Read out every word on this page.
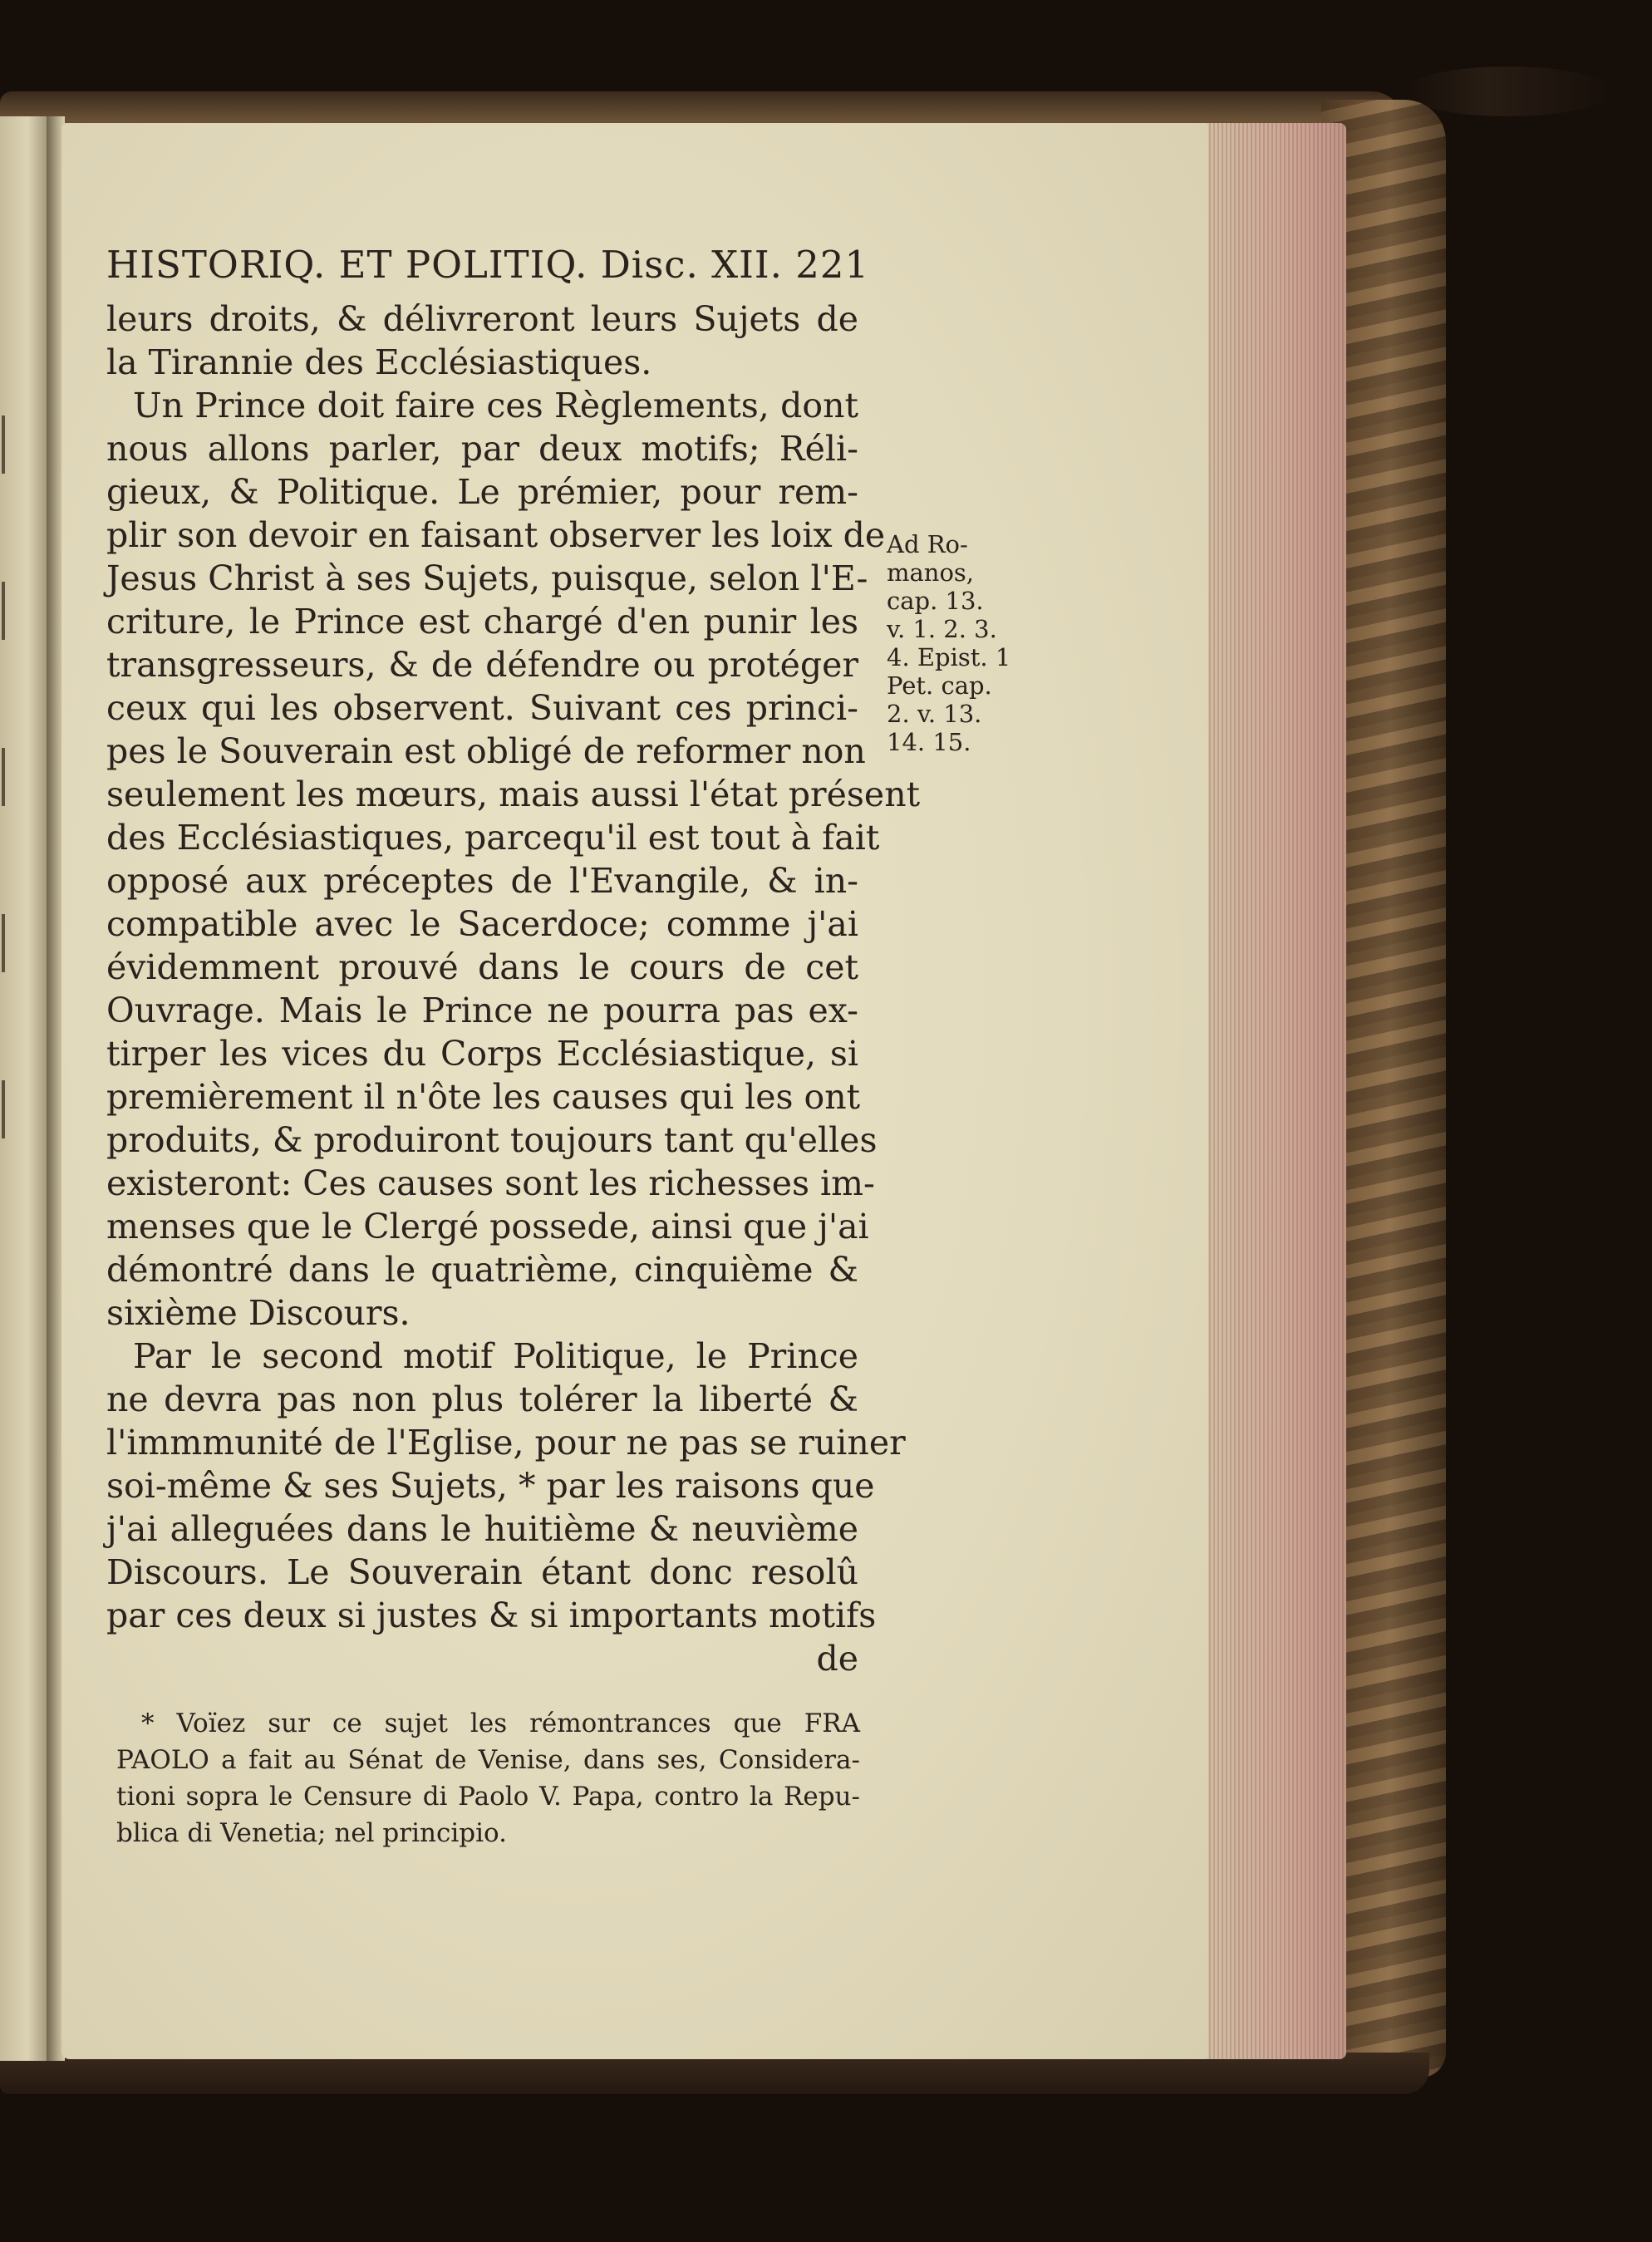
HISTORIQ. ET POLITIQ. Disc. XII. 221

leurs droits, & délivreront leurs Sujets de

la Tirannie des Ecclésiastiques.

Un Prince doit faire ces Règlements, dont

nous allons parler, par deux motifs; Réli-

gieux, & Politique. Le prémier, pour rem-

plir son devoir en faisant observer les loix de

Jesus Christ à ses Sujets, puisque, selon l'E-

criture, le Prince est chargé d'en punir les

transgresseurs, & de défendre ou protéger

ceux qui les observent. Suivant ces princi-

pes le Souverain est obligé de reformer non

seulement les mœurs, mais aussi l'état présent

des Ecclésiastiques, parcequ'il est tout à fait

opposé aux préceptes de l'Evangile, & in-

compatible avec le Sacerdoce; comme j'ai

évidemment prouvé dans le cours de cet

Ouvrage. Mais le Prince ne pourra pas ex-

tirper les vices du Corps Ecclésiastique, si

premièrement il n'ôte les causes qui les ont

produits, & produiront toujours tant qu'elles

existeront: Ces causes sont les richesses im-

menses que le Clergé possede, ainsi que j'ai

démontré dans le quatrième, cinquième &

sixième Discours.

Par le second motif Politique, le Prince

ne devra pas non plus tolérer la liberté &

l'immmunité de l'Eglise, pour ne pas se ruiner

soi-même & ses Sujets, * par les raisons que

j'ai alleguées dans le huitième & neuvième

Discours. Le Souverain étant donc resolû

par ces deux si justes & si importants motifs

de

Ad Ro-

manos,

cap. 13.

v. 1. 2. 3.

4. Epist. 1

Pet. cap.

2. v. 13.

14. 15.

* Voïez sur ce sujet les rémontrances que FRA

PAOLO a fait au Sénat de Venise, dans ses, Considera-

tioni sopra le Censure di Paolo V. Papa, contro la Repu-

blica di Venetia; nel principio.
